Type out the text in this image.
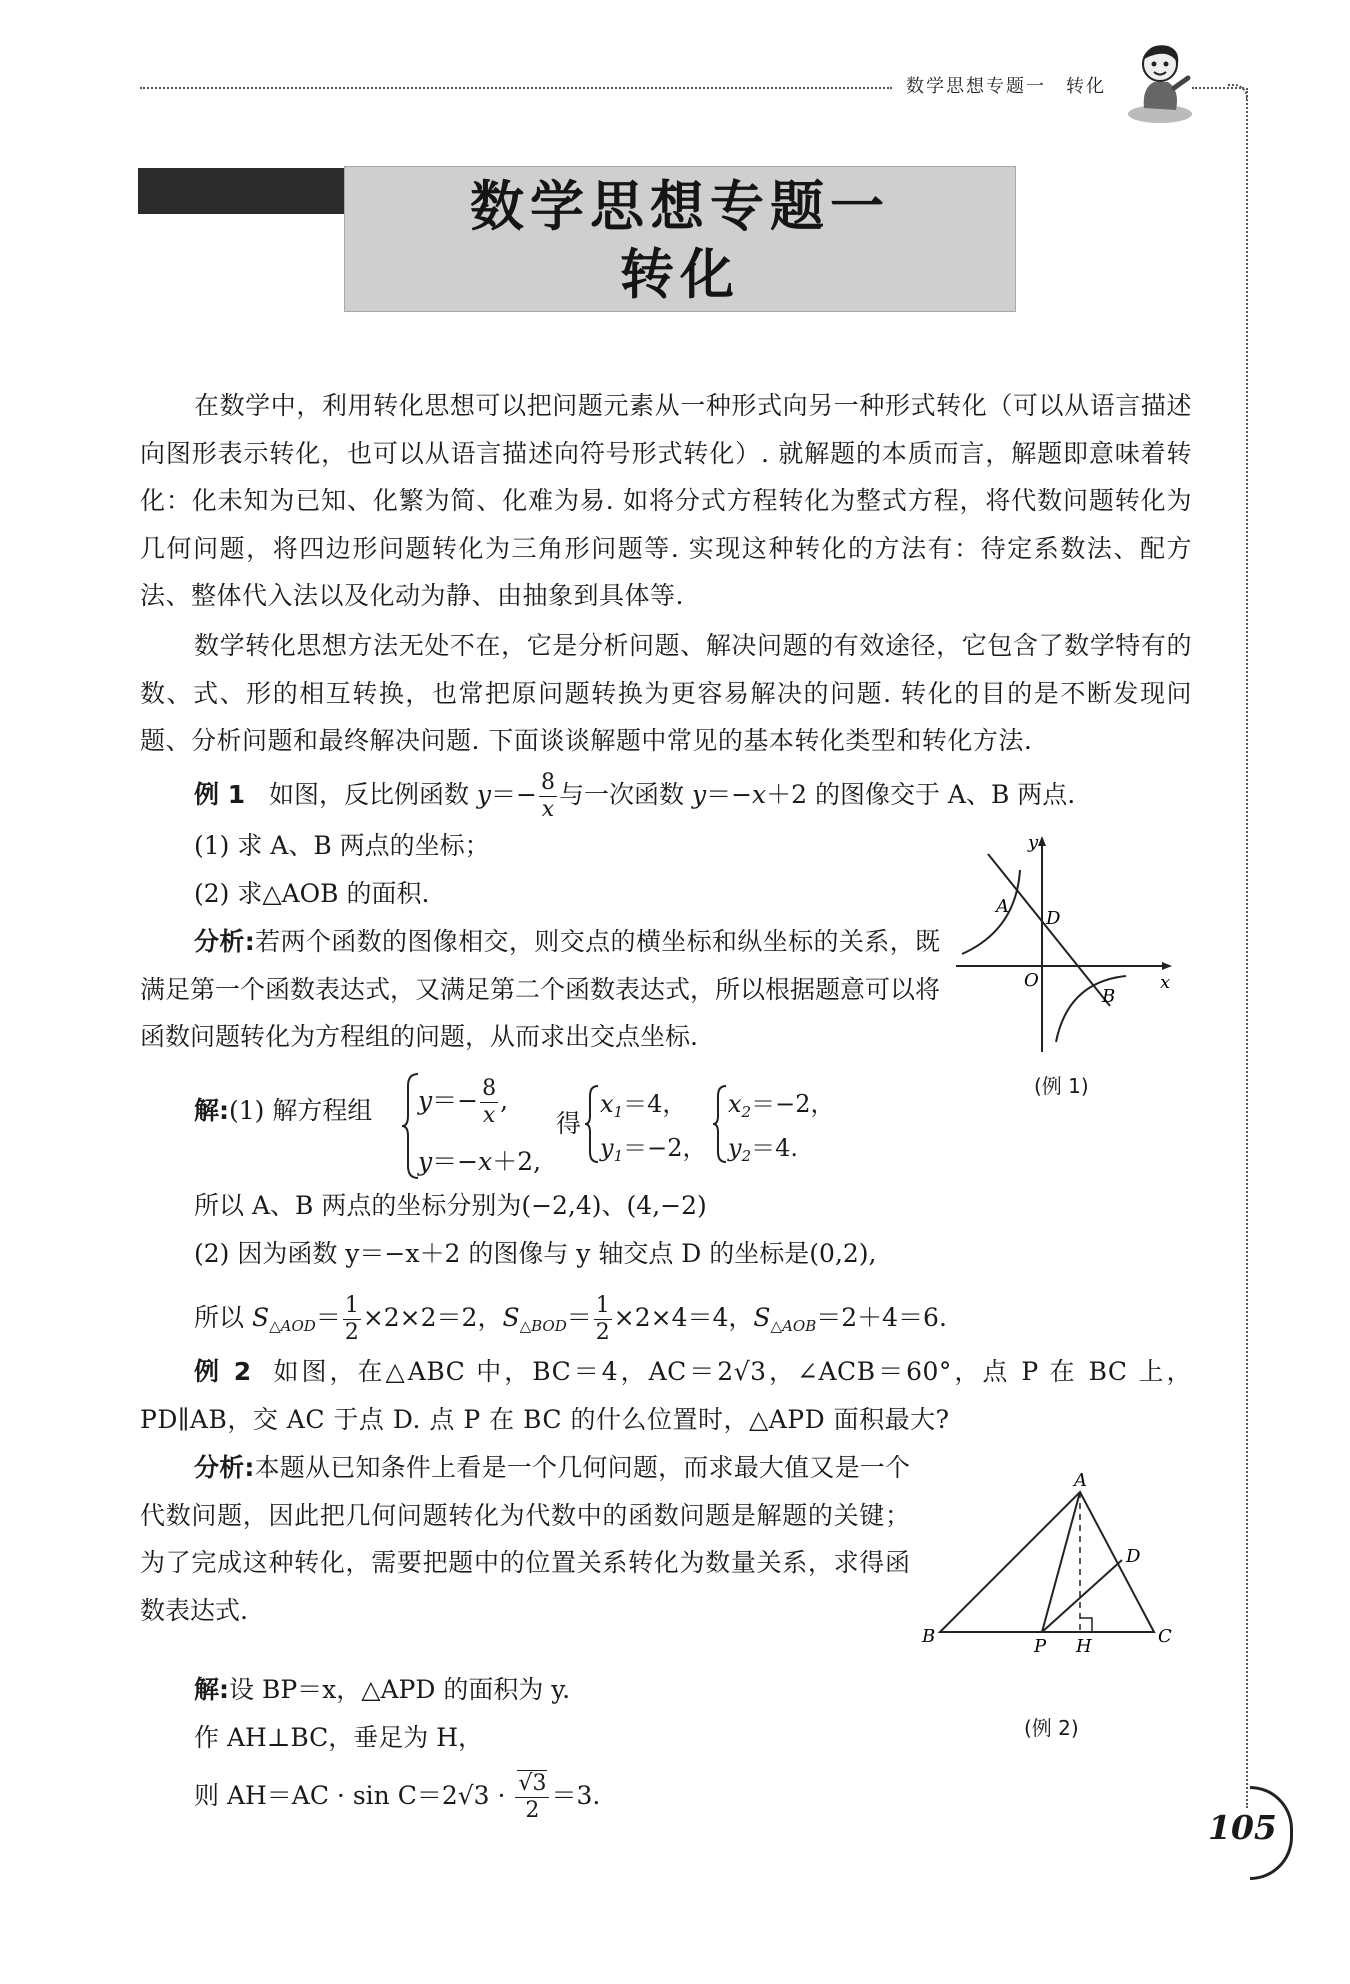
数学思想专题一　转化
数学思想专题一
转化

在数学中，利用转化思想可以把问题元素从一种形式向另一种形式转化（可以从语言描述向图形表示转化，也可以从语言描述向符号形式转化）. 就解题的本质而言，解题即意味着转化：化未知为已知、化繁为简、化难为易. 如将分式方程转化为整式方程，将代数问题转化为几何问题，将四边形问题转化为三角形问题等. 实现这种转化的方法有：待定系数法、配方法、整体代入法以及化动为静、由抽象到具体等.

数学转化思想方法无处不在，它是分析问题、解决问题的有效途径，它包含了数学特有的数、式、形的相互转换，也常把原问题转换为更容易解决的问题. 转化的目的是不断发现问题、分析问题和最终解决问题. 下面谈谈解题中常见的基本转化类型和转化方法.

例 1 如图，反比例函数 $y=- \frac{8}{x}$ 与一次函数 y＝−x＋2 的图像交于 A、B 两点.
(1) 求 A、B 两点的坐标；
(2) 求△AOB 的面积.

分析:若两个函数的图像相交，则交点的横坐标和纵坐标的关系，既满足第一个函数表达式，又满足第二个函数表达式，所以根据题意可以将函数问题转化为方程组的问题，从而求出交点坐标.

y
x
O
A
D
B
(例 1)
解:(1) 解方程组 $y=- \frac{8}{x}$ ,
y＝−x＋2,
得
$x_1=4$，
$y_1=-2$，
$x_2=-2$，
$y_2=4$.
所以 A、B 两点的坐标分别为(−2,4)、(4,−2)
(2) 因为函数 y＝−x＋2 的图像与 y 轴交点 D 的坐标是(0,2),
所以 $S_{\triangle AOD}= \frac{1}{2} \times 2\times 2=2$，$S_{\triangle BOD}= \frac{1}{2} \times 2\times 4=4$，$S_{\triangle AOB}=2+4=6$.

例 2 如图，在△ABC 中，BC＝4，AC＝2√3，∠ACB＝60°，点 P 在 BC 上，PD∥AB，交 AC 于点 D. 点 P 在 BC 的什么位置时，△APD 面积最大?

分析:本题从已知条件上看是一个几何问题，而求最大值又是一个代数问题，因此把几何问题转化为代数中的函数问题是解题的关键；为了完成这种转化，需要把题中的位置关系转化为数量关系，求得函数表达式.

A
B	C
D
P H
(例 2)
解:设 BP＝x，△APD 的面积为 y.
作 AH⊥BC，垂足为 H，
则 $AH=AC \cdot \sin C=2√3 \cdot \frac{√3}{2} =3$.
105
